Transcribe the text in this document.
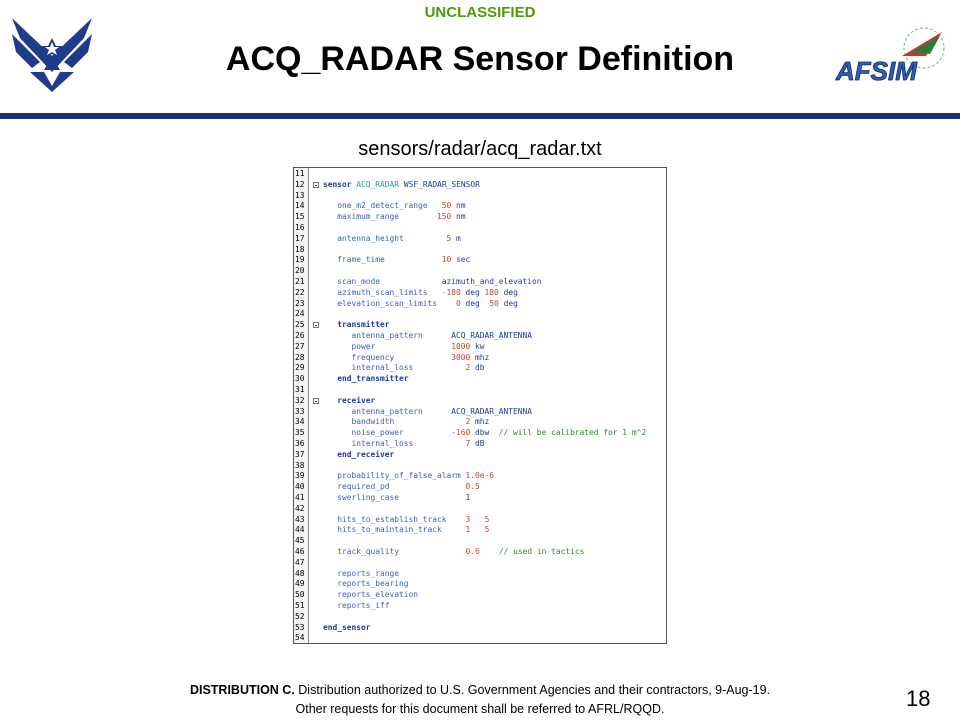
UNCLASSIFIED
ACQ_RADAR Sensor Definition	AFSIM
sensors/radar/acq_radar.txt
11
12	sensor ACQ_RADAR WSF_RADAR_SENSOR
13
14	one_m2_detect_range   50 nm
15	maximum_range        150 nm
16
17	antenna_height         5 m
18
19	frame_time            10 sec
20
21	scan_mode             azimuth_and_elevation
22	azimuth_scan_limits   -180 deg 180 deg
23	elevation_scan_limits    0 deg  50 deg
24
25	transmitter
26	antenna_pattern      ACQ_RADAR_ANTENNA
27	power                1000 kw
28	frequency            3000 mhz
29	internal_loss           2 db
30	end_transmitter
31
32	receiver
33	antenna_pattern      ACQ_RADAR_ANTENNA
34	bandwidth               2 mhz
35	noise_power          -160 dbw  // will be calibrated for 1 m^2
36	internal_loss           7 dB
37	end_receiver
38
39	probability_of_false_alarm 1.0e-6
40	required_pd                0.5
41	swerling_case              1
42
43	hits_to_establish_track    3 5
44	hits_to_maintain_track     1 5
45
46	track_quality              0.6 // used in tactics
47
48	reports_range
49	reports_bearing
50	reports_elevation
51	reports_iff
52
53	end_sensor
54
DISTRIBUTION C. Distribution authorized to U.S. Government Agencies and their contractors, 9-Aug-19.
Other requests for this document shall be referred to AFRL/RQQD.	18
